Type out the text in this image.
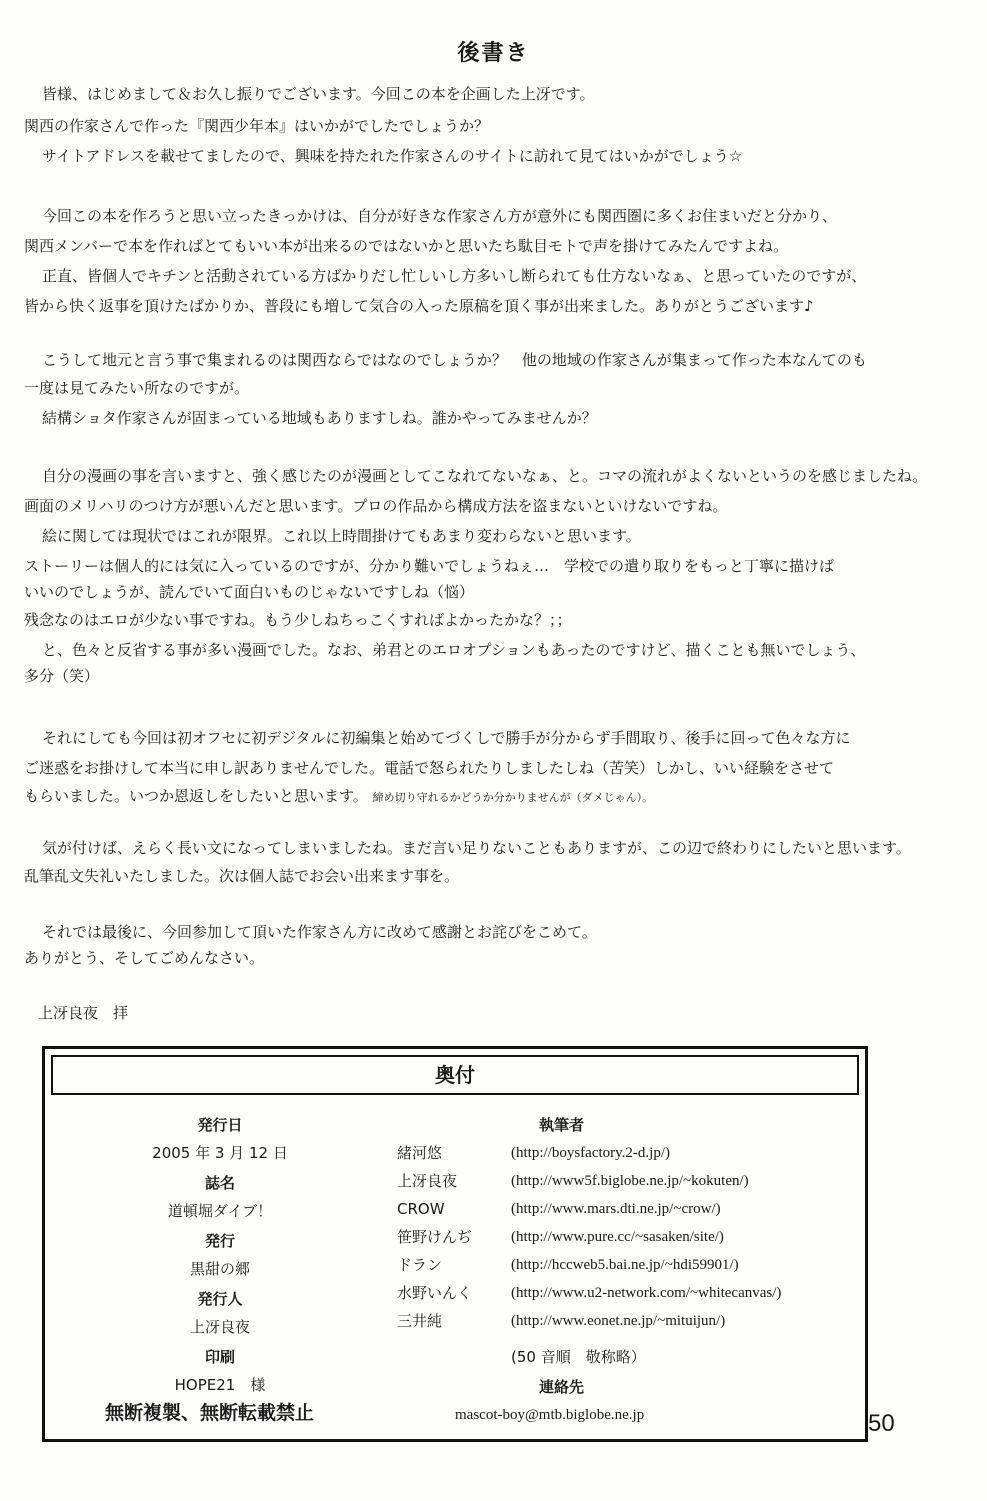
後書き
皆様、はじめまして＆お久し振りでございます。今回この本を企画した上冴です。
関西の作家さんで作った『関西少年本』はいかがでしたでしょうか？
サイトアドレスを載せてましたので、興味を持たれた作家さんのサイトに訪れて見てはいかがでしょう☆
今回この本を作ろうと思い立ったきっかけは、自分が好きな作家さん方が意外にも関西圏に多くお住まいだと分かり、
関西メンバーで本を作ればとてもいい本が出来るのではないかと思いたち駄目モトで声を掛けてみたんですよね。
正直、皆個人でキチンと活動されている方ばかりだし忙しいし方多いし断られても仕方ないなぁ、と思っていたのですが、
皆から快く返事を頂けたばかりか、普段にも増して気合の入った原稿を頂く事が出来ました。ありがとうございます♪
こうして地元と言う事で集まれるのは関西ならではなのでしょうか？　他の地域の作家さんが集まって作った本なんてのも
一度は見てみたい所なのですが。
結構ショタ作家さんが固まっている地域もありますしね。誰かやってみませんか？
自分の漫画の事を言いますと、強く感じたのが漫画としてこなれてないなぁ、と。コマの流れがよくないというのを感じましたね。
画面のメリハリのつけ方が悪いんだと思います。プロの作品から構成方法を盗まないといけないですね。
絵に関しては現状ではこれが限界。これ以上時間掛けてもあまり変わらないと思います。
ストーリーは個人的には気に入っているのですが、分かり難いでしょうねぇ…　学校での遣り取りをもっと丁寧に描けば
いいのでしょうが、読んでいて面白いものじゃないですしね（悩）
残念なのはエロが少ない事ですね。もう少しねちっこくすればよかったかな？；；
と、色々と反省する事が多い漫画でした。なお、弟君とのエロオプションもあったのですけど、描くことも無いでしょう、
多分（笑）
それにしても今回は初オフセに初デジタルに初編集と始めてづくしで勝手が分からず手間取り、後手に回って色々な方に
ご迷惑をお掛けして本当に申し訳ありませんでした。電話で怒られたりしましたしね（苦笑）しかし、いい経験をさせて
もらいました。いつか恩返しをしたいと思います。 締め切り守れるかどうか分かりませんが（ダメじゃん）。
気が付けば、えらく長い文になってしまいましたね。まだ言い足りないこともありますが、この辺で終わりにしたいと思います。
乱筆乱文失礼いたしました。次は個人誌でお会い出来ます事を。
それでは最後に、今回参加して頂いた作家さん方に改めて感謝とお詫びをこめて。
ありがとう、そしてごめんなさい。
上冴良夜　拝
奥付
発行日
2005 年 3 月 12 日
誌名
道頓堀ダイブ！
発行
黒甜の郷
発行人
上冴良夜
印刷
HOPE21　様
無断複製、無断転載禁止
執筆者
緒河悠	(http://boysfactory.2-d.jp/)
上冴良夜	(http://www5f.biglobe.ne.jp/~kokuten/)
CROW	(http://www.mars.dti.ne.jp/~crow/)
笹野けんぢ	(http://www.pure.cc/~sasaken/site/)
ドラン	(http://hccweb5.bai.ne.jp/~hdi59901/)
水野いんく	(http://www.u2-network.com/~whitecanvas/)
三井純	(http://www.eonet.ne.jp/~mituijun/)
(50 音順　敬称略）
連絡先
mascot-boy@mtb.biglobe.ne.jp	50
